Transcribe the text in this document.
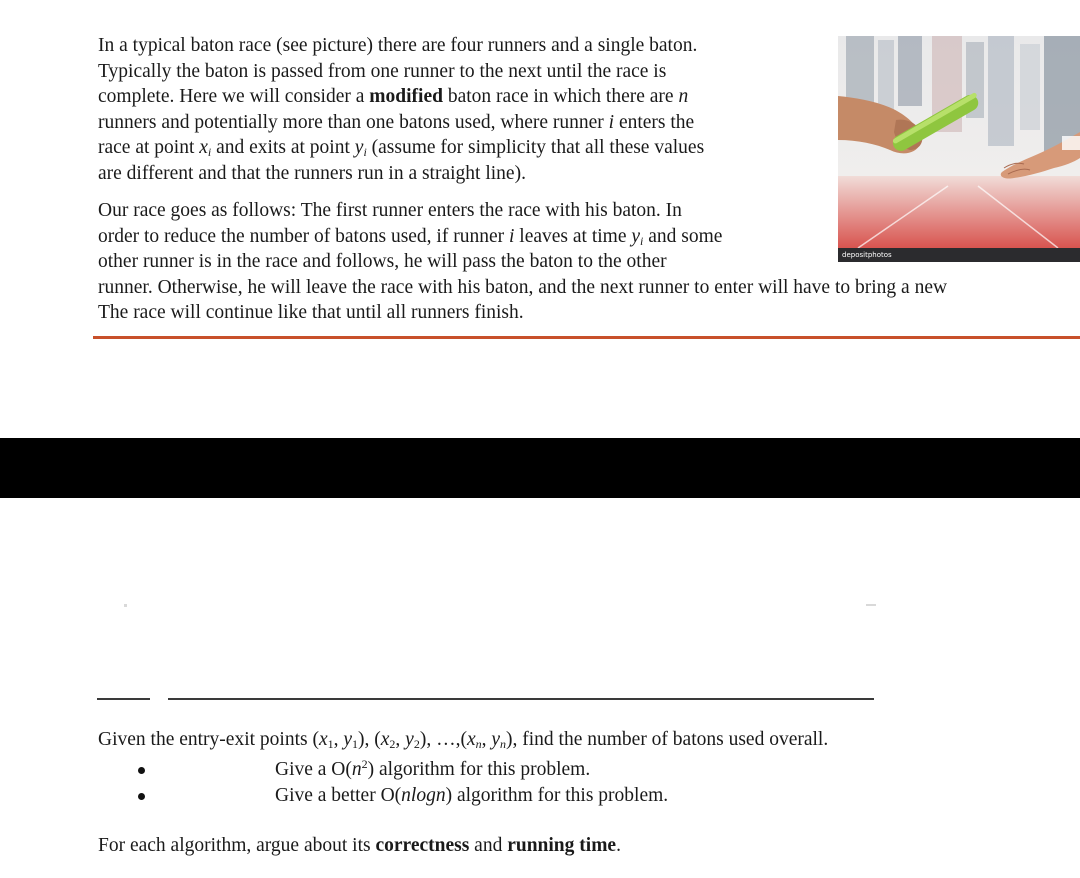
In a typical baton race (see picture) there are four runners and a single baton.
Typically the baton is passed from one runner to the next until the race is
complete. Here we will consider a modified baton race in which there are n
runners and potentially more than one batons used, where runner i enters the
race at point $x_i$ and exits at point $y_i$ (assume for simplicity that all these values
are different and that the runners run in a straight line).
Our race goes as follows: The first runner enters the race with his baton. In
order to reduce the number of batons used, if runner i leaves at time $y_i$ and some
other runner is in the race and follows, he will pass the baton to the other
runner. Otherwise, he will leave the race with his baton, and the next runner to enter will have to bring a new
The race will continue like that until all runners finish.
depositphotos
Given the entry-exit points ($x_1$, $y_1$), ($x_2$, $y_2$), $\dots,(x_n$, $y_n$), find the number of batons used overall.
Give a $O(n^2)$ algorithm for this problem.
Give a better O(nlogn) algorithm for this problem.
For each algorithm, argue about its correctness and running time.
